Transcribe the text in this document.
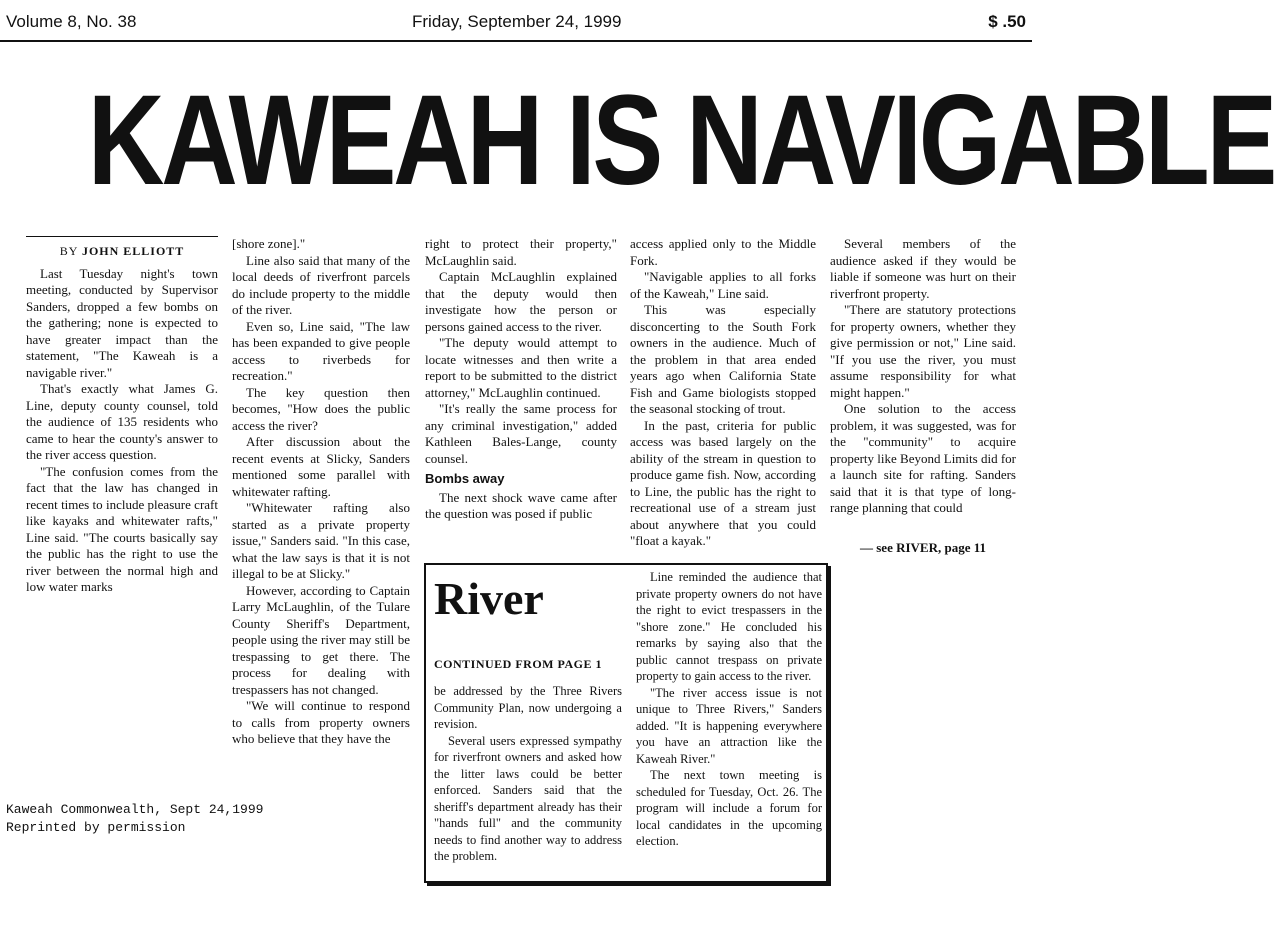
Volume 8, No. 38	Friday, September 24, 1999	$ .50
KAWEAH IS NAVIGABLE
BY JOHN ELLIOTT

Last Tuesday night's town meeting, conducted by Supervisor Sanders, dropped a few bombs on the gathering; none is expected to have greater impact than the statement, "The Kaweah is a navigable river."

That's exactly what James G. Line, deputy county counsel, told the audience of 135 residents who came to hear the county's answer to the river access question.

"The confusion comes from the fact that the law has changed in recent times to include pleasure craft like kayaks and whitewater rafts," Line said. "The courts basically say the public has the right to use the river between the normal high and low water marks

[shore zone]."

Line also said that many of the local deeds of riverfront parcels do include property to the middle of the river.

Even so, Line said, "The law has been expanded to give people access to riverbeds for recreation."

The key question then becomes, "How does the public access the river?

After discussion about the recent events at Slicky, Sanders mentioned some parallel with whitewater rafting.

"Whitewater rafting also started as a private property issue," Sanders said. "In this case, what the law says is that it is not illegal to be at Slicky."

However, according to Captain Larry McLaughlin, of the Tulare County Sheriff's Department, people using the river may still be trespassing to get there. The process for dealing with trespassers has not changed.

"We will continue to respond to calls from property owners who believe that they have the

right to protect their property," McLaughlin said.

Captain McLaughlin explained that the deputy would then investigate how the person or persons gained access to the river.

"The deputy would attempt to locate witnesses and then write a report to be submitted to the district attorney," McLaughlin continued.

"It's really the same process for any criminal investigation," added Kathleen Bales-Lange, county counsel.

Bombs away

The next shock wave came after the question was posed if public

access applied only to the Middle Fork.

"Navigable applies to all forks of the Kaweah," Line said.

This was especially disconcerting to the South Fork owners in the audience. Much of the problem in that area ended years ago when California State Fish and Game biologists stopped the seasonal stocking of trout.

In the past, criteria for public access was based largely on the ability of the stream in question to produce game fish. Now, according to Line, the public has the right to recreational use of a stream just about anywhere that you could "float a kayak."

Several members of the audience asked if they would be liable if someone was hurt on their riverfront property.

"There are statutory protections for property owners, whether they give permission or not," Line said. "If you use the river, you must assume responsibility for what might happen."

One solution to the access problem, it was suggested, was for the "community" to acquire property like Beyond Limits did for a launch site for rafting. Sanders said that it is that type of long-range planning that could

— see RIVER, page 11
River
CONTINUED FROM PAGE 1

be addressed by the Three Rivers Community Plan, now undergoing a revision.

Several users expressed sympathy for riverfront owners and asked how the litter laws could be better enforced. Sanders said that the sheriff's department already has their "hands full" and the community needs to find another way to address the problem.

Line reminded the audience that private property owners do not have the right to evict trespassers in the "shore zone." He concluded his remarks by saying also that the public cannot trespass on private property to gain access to the river.

"The river access issue is not unique to Three Rivers," Sanders added. "It is happening everywhere you have an attraction like the Kaweah River."

The next town meeting is scheduled for Tuesday, Oct. 26. The program will include a forum for local candidates in the upcoming election.

Kaweah Commonwealth, Sept 24,1999
Reprinted by permission
